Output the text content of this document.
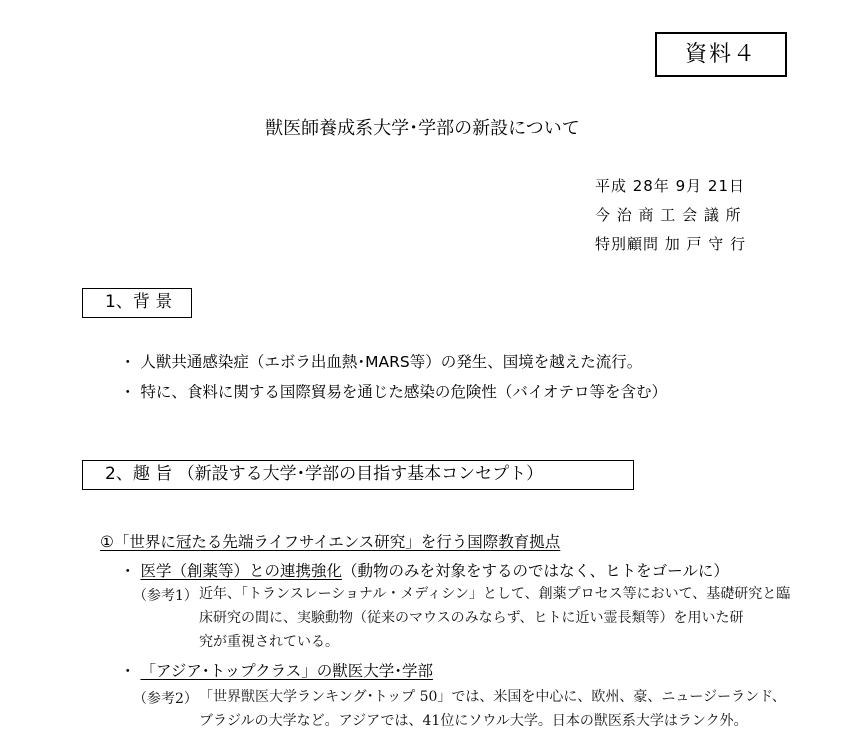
資料４
獣医師養成系大学･学部の新設について
平成 28年 9月 21日
今 治 商 工 会 議 所
特別顧問 加 戸 守 行
1、背 景
・ 人獣共通感染症（エボラ出血熱･MARS等）の発生、国境を越えた流行。
・ 特に、食料に関する国際貿易を通じた感染の危険性（バイオテロ等を含む）
2、趣 旨 （新設する大学･学部の目指す基本コンセプト）
①「世界に冠たる先端ライフサイエンス研究」を行う国際教育拠点
・ 医学（創薬等）との連携強化（動物のみを対象をするのではなく、ヒトをゴールに）
（参考1） 近年、「トランスレーショナル・メディシン」として、創薬プロセス等において、基礎研究と臨
床研究の間に、実験動物（従来のマウスのみならず、ヒトに近い霊長類等）を用いた研
究が重視されている。
・ 「アジア･トップクラス」の獣医大学･学部
（参考2） 「世界獣医大学ランキング･トップ 50」では、米国を中心に、欧州、豪、ニュージーランド、
ブラジルの大学など。アジアでは、41位にソウル大学。日本の獣医系大学はランク外。
